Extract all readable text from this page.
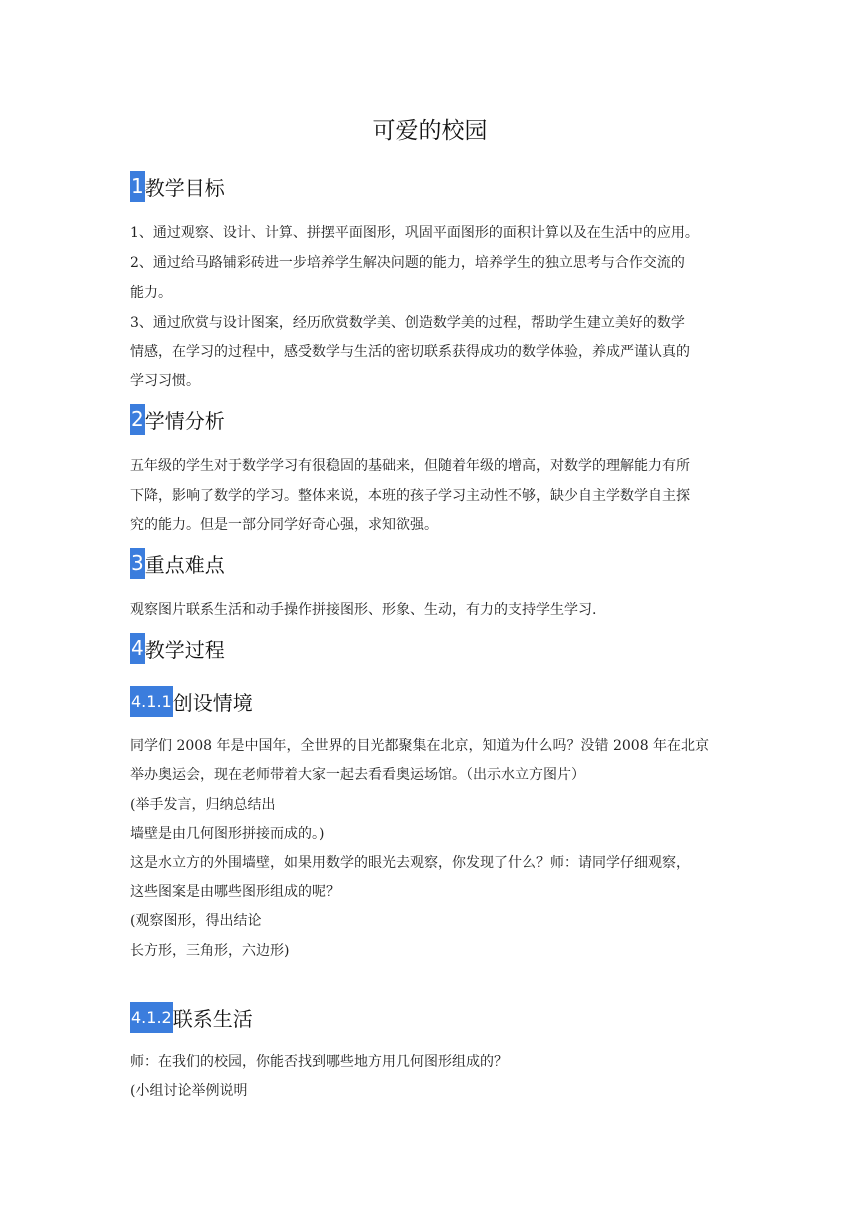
可爱的校园
1 教学目标
1、通过观察、设计、计算、拼摆平面图形，巩固平面图形的面积计算以及在生活中的应用。
2、通过给马路铺彩砖进一步培养学生解决问题的能力，培养学生的独立思考与合作交流的
能力。
3、通过欣赏与设计图案，经历欣赏数学美、创造数学美的过程，帮助学生建立美好的数学
情感，在学习的过程中，感受数学与生活的密切联系获得成功的数学体验，养成严谨认真的
学习习惯。
2 学情分析
五年级的学生对于数学学习有很稳固的基础来，但随着年级的增高，对数学的理解能力有所
下降，影响了数学的学习。整体来说，本班的孩子学习主动性不够，缺少自主学数学自主探
究的能力。但是一部分同学好奇心强，求知欲强。
3 重点难点
观察图片联系生活和动手操作拼接图形、形象、生动，有力的支持学生学习.
4 教学过程
4.1.1 创设情境
同学们 2008 年是中国年，全世界的目光都聚集在北京，知道为什么吗？没错 2008 年在北京
举办奥运会，现在老师带着大家一起去看看奥运场馆。（出示水立方图片）
(举手发言，归纳总结出
墙壁是由几何图形拼接而成的。)
这是水立方的外围墙壁，如果用数学的眼光去观察，你发现了什么？师：请同学仔细观察，
这些图案是由哪些图形组成的呢？
(观察图形，得出结论
长方形，三角形，六边形)
4.1.2 联系生活
师：在我们的校园，你能否找到哪些地方用几何图形组成的？
(小组讨论举例说明
